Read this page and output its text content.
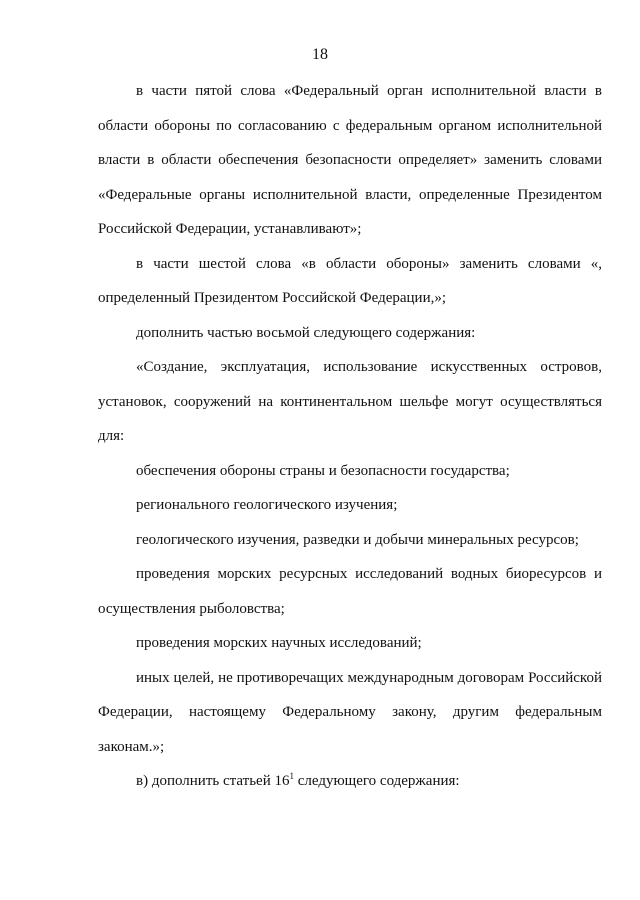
18

в части пятой слова «Федеральный орган исполнительной власти в области обороны по согласованию с федеральным органом исполнительной власти в области обеспечения безопасности определяет» заменить словами «Федеральные органы исполнительной власти, определенные Президентом Российской Федерации, устанавливают»;

в части шестой слова «в области обороны» заменить словами «, определенный Президентом Российской Федерации,»;

дополнить частью восьмой следующего содержания:

«Создание, эксплуатация, использование искусственных островов, установок, сооружений на континентальном шельфе могут осуществляться для:

обеспечения обороны страны и безопасности государства;

регионального геологического изучения;

геологического изучения, разведки и добычи минеральных ресурсов;

проведения морских ресурсных исследований водных биоресурсов и осуществления рыболовства;

проведения морских научных исследований;

иных целей, не противоречащих международным договорам Российской Федерации, настоящему Федеральному закону, другим федеральным законам.»;

в) дополнить статьей $16^1$ следующего содержания:
